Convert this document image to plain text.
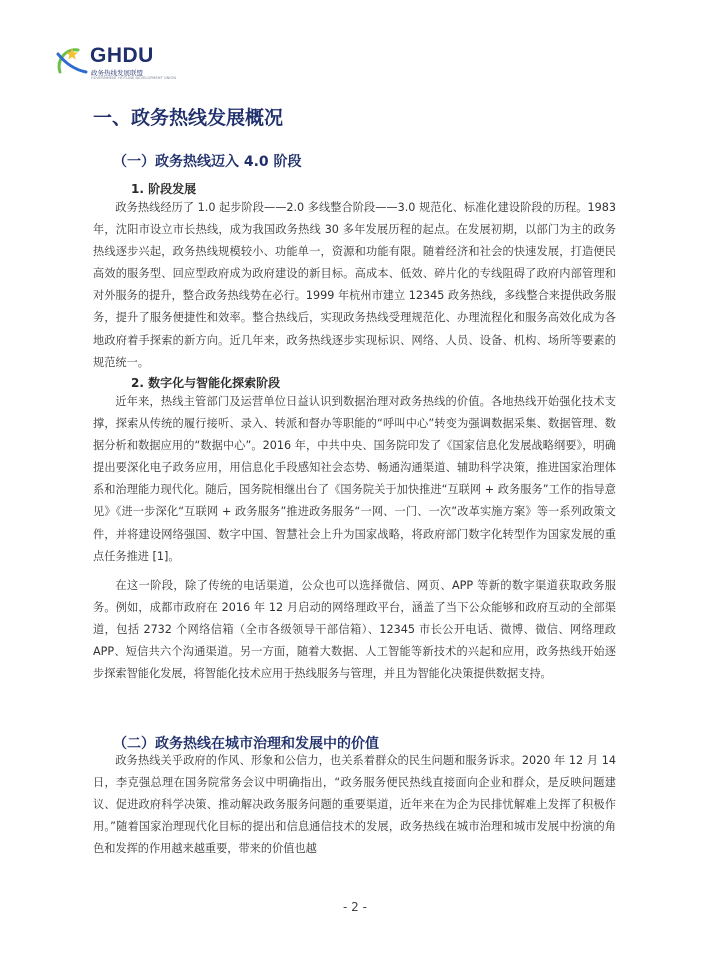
GHDU
政务热线发展联盟
GOVERNMENT HOTLINE DEVELOPMENT UNION
一、政务热线发展概况
（一）政务热线迈入 4.0 阶段
1. 阶段发展
政务热线经历了 1.0 起步阶段——2.0 多线整合阶段——3.0 规范化、标准化建设阶段的历程。1983年，沈阳市设立市长热线，成为我国政务热线 30 多年发展历程的起点。在发展初期，以部门为主的政务热线逐步兴起，政务热线规模较小、功能单一，资源和功能有限。随着经济和社会的快速发展，打造便民高效的服务型、回应型政府成为政府建设的新目标。高成本、低效、碎片化的专线阻碍了政府内部管理和对外服务的提升，整合政务热线势在必行。1999 年杭州市建立 12345 政务热线，多线整合来提供政务服务，提升了服务便捷性和效率。整合热线后，实现政务热线受理规范化、办理流程化和服务高效化成为各地政府着手探索的新方向。近几年来，政务热线逐步实现标识、网络、人员、设备、机构、场所等要素的规范统一。
2. 数字化与智能化探索阶段
近年来，热线主管部门及运营单位日益认识到数据治理对政务热线的价值。各地热线开始强化技术支撑，探索从传统的履行接听、录入、转派和督办等职能的“呼叫中心”转变为强调数据采集、数据管理、数据分析和数据应用的“数据中心”。2016 年，中共中央、国务院印发了《国家信息化发展战略纲要》，明确提出要深化电子政务应用，用信息化手段感知社会态势、畅通沟通渠道、辅助科学决策，推进国家治理体系和治理能力现代化。随后，国务院相继出台了《国务院关于加快推进“互联网 + 政务服务”工作的指导意见》《进一步深化“互联网 + 政务服务”推进政务服务“一网、一门、一次”改革实施方案》等一系列政策文件，并将建设网络强国、数字中国、智慧社会上升为国家战略，将政府部门数字化转型作为国家发展的重点任务推进 [1]。
在这一阶段，除了传统的电话渠道，公众也可以选择微信、网页、APP 等新的数字渠道获取政务服务。例如，成都市政府在 2016 年 12 月启动的网络理政平台，涵盖了当下公众能够和政府互动的全部渠道，包括 2732 个网络信箱（全市各级领导干部信箱）、12345 市长公开电话、微博、微信、网络理政 APP、短信共六个沟通渠道。另一方面，随着大数据、人工智能等新技术的兴起和应用，政务热线开始逐步探索智能化发展，将智能化技术应用于热线服务与管理，并且为智能化决策提供数据支持。
（二）政务热线在城市治理和发展中的价值
政务热线关乎政府的作风、形象和公信力，也关系着群众的民生问题和服务诉求。2020 年 12 月 14 日，李克强总理在国务院常务会议中明确指出，“政务服务便民热线直接面向企业和群众，是反映问题建议、促进政府科学决策、推动解决政务服务问题的重要渠道，近年来在为企为民排忧解难上发挥了积极作用。”随着国家治理现代化目标的提出和信息通信技术的发展，政务热线在城市治理和城市发展中扮演的角色和发挥的作用越来越重要，带来的价值也越
- 2 -
